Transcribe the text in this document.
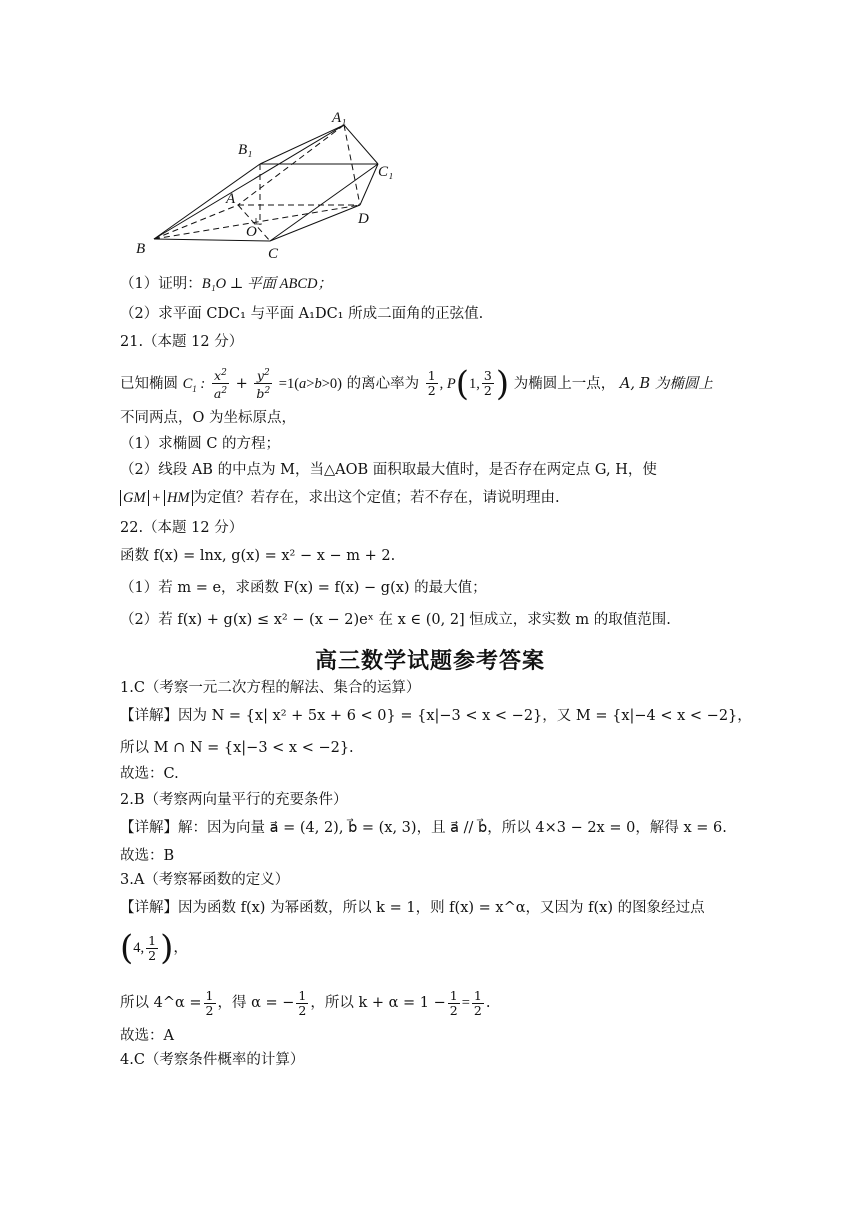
A₁
B₁
C₁
A
O
D
B	C
（1）证明：B₁O ⊥ 平面 ABCD；
（2）求平面 CDC₁ 与平面 A₁DC₁ 所成二面角的正弦值.
21.（本题 12 分）
已知椭圆 $C_1$ : $\frac{x^2}{a^2} + \frac{y^2}{b^2} =1(a>b>0)$ 的离心率为 $\frac{1}{2}$ , P(1, $\frac{3}{2}$ ) 为椭圆上一点， A, B 为椭圆上
不同两点，O 为坐标原点，
（1）求椭圆 C 的方程；
（2）线段 AB 的中点为 M，当△AOB 面积取最大值时，是否存在两定点 G, H，使
GM + HM 为定值？若存在，求出这个定值；若不存在，请说明理由.
22.（本题 12 分）
函数 f(x) = lnx, g(x) = x² − x − m + 2.
（1）若 m = e，求函数 F(x) = f(x) − g(x) 的最大值；
（2）若 f(x) + g(x) ≤ x² − (x − 2)eˣ 在 x ∈ (0, 2] 恒成立，求实数 m 的取值范围.
高三数学试题参考答案
1.C（考察一元二次方程的解法、集合的运算）
【详解】因为 N = {x| x² + 5x + 6 < 0} = {x|−3 < x < −2}，又 M = {x|−4 < x < −2}，
所以 M ∩ N = {x|−3 < x < −2}.
故选：C.
2.B（考察两向量平行的充要条件）
【详解】解：因为向量 a⃗ = (4, 2), b⃗ = (x, 3)，且 a⃗ // b⃗，所以 4×3 − 2x = 0，解得 x = 6.
故选：B
3.A（考察幂函数的定义）
【详解】因为函数 f(x) 为幂函数，所以 k = 1，则 f(x) = x^α，又因为 f(x) 的图象经过点
(4, $\frac{1}{2}$ )，
所以 4^α = $\frac{1}{2}$ ，得 α = − $\frac{1}{2}$ ，所以 $k + \alpha = 1 - \frac{1}{2} = \frac{1}{2}$ .
故选：A
4.C（考察条件概率的计算）
